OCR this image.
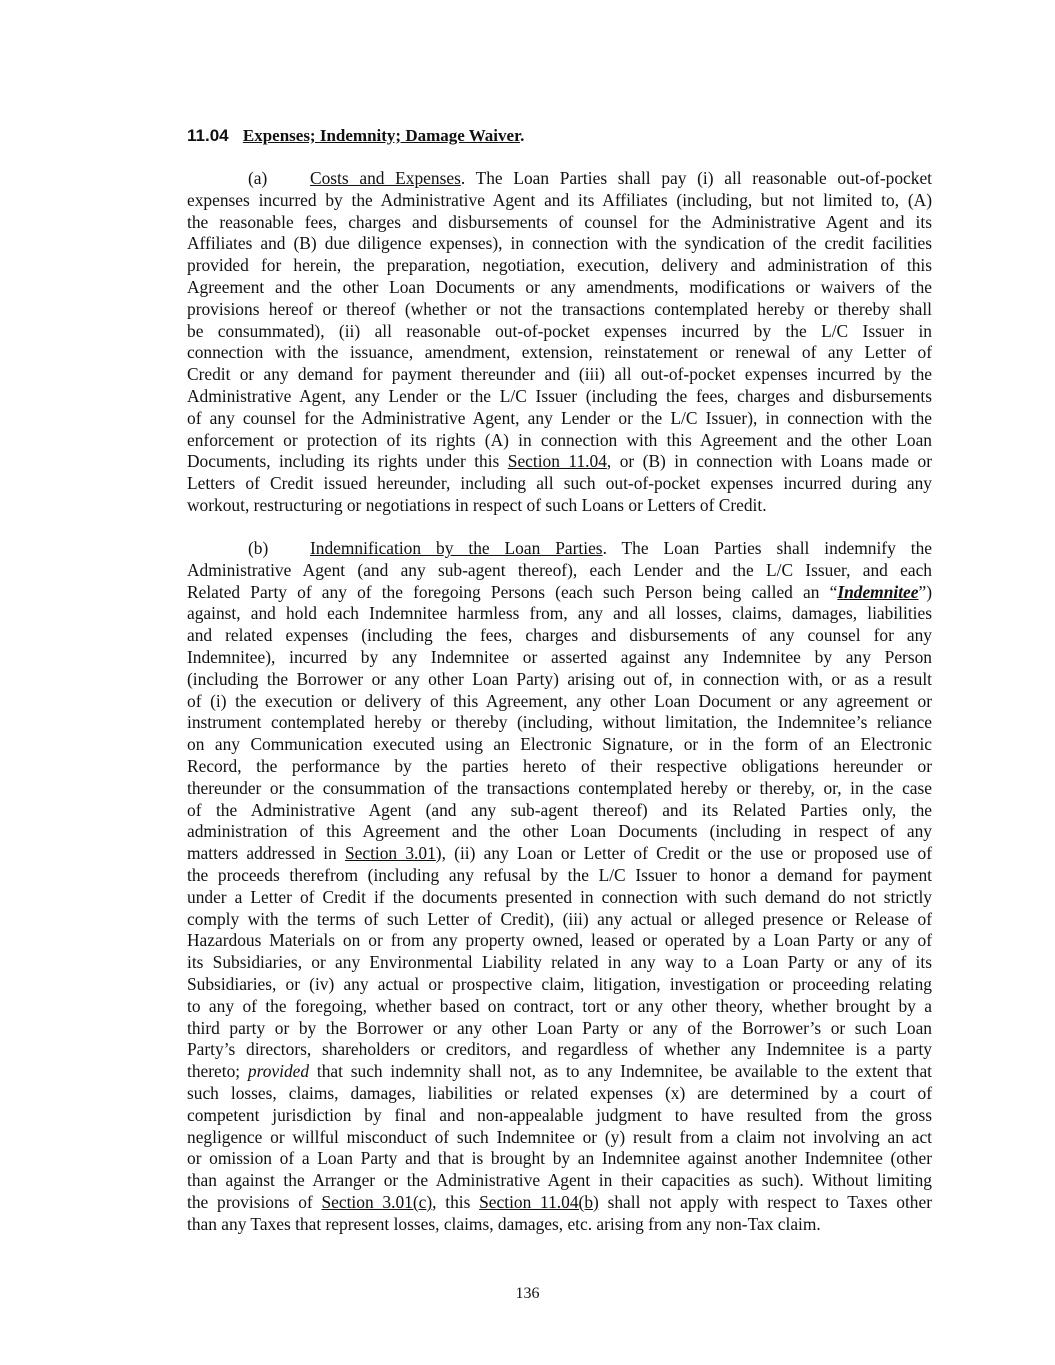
11.04 Expenses; Indemnity; Damage Waiver.
(a) Costs and Expenses. The Loan Parties shall pay (i) all reasonable out-of-pocket
expenses incurred by the Administrative Agent and its Affiliates (including, but not limited to, (A)
the reasonable fees, charges and disbursements of counsel for the Administrative Agent and its
Affiliates and (B) due diligence expenses), in connection with the syndication of the credit facilities
provided for herein, the preparation, negotiation, execution, delivery and administration of this
Agreement and the other Loan Documents or any amendments, modifications or waivers of the
provisions hereof or thereof (whether or not the transactions contemplated hereby or thereby shall
be consummated), (ii) all reasonable out-of-pocket expenses incurred by the L/C Issuer in
connection with the issuance, amendment, extension, reinstatement or renewal of any Letter of
Credit or any demand for payment thereunder and (iii) all out-of-pocket expenses incurred by the
Administrative Agent, any Lender or the L/C Issuer (including the fees, charges and disbursements
of any counsel for the Administrative Agent, any Lender or the L/C Issuer), in connection with the
enforcement or protection of its rights (A) in connection with this Agreement and the other Loan
Documents, including its rights under this Section 11.04, or (B) in connection with Loans made or
Letters of Credit issued hereunder, including all such out-of-pocket expenses incurred during any
workout, restructuring or negotiations in respect of such Loans or Letters of Credit.
(b) Indemnification by the Loan Parties. The Loan Parties shall indemnify the
Administrative Agent (and any sub-agent thereof), each Lender and the L/C Issuer, and each
Related Party of any of the foregoing Persons (each such Person being called an “Indemnitee”)
against, and hold each Indemnitee harmless from, any and all losses, claims, damages, liabilities
and related expenses (including the fees, charges and disbursements of any counsel for any
Indemnitee), incurred by any Indemnitee or asserted against any Indemnitee by any Person
(including the Borrower or any other Loan Party) arising out of, in connection with, or as a result
of (i) the execution or delivery of this Agreement, any other Loan Document or any agreement or
instrument contemplated hereby or thereby (including, without limitation, the Indemnitee’s reliance
on any Communication executed using an Electronic Signature, or in the form of an Electronic
Record, the performance by the parties hereto of their respective obligations hereunder or
thereunder or the consummation of the transactions contemplated hereby or thereby, or, in the case
of the Administrative Agent (and any sub-agent thereof) and its Related Parties only, the
administration of this Agreement and the other Loan Documents (including in respect of any
matters addressed in Section 3.01), (ii) any Loan or Letter of Credit or the use or proposed use of
the proceeds therefrom (including any refusal by the L/C Issuer to honor a demand for payment
under a Letter of Credit if the documents presented in connection with such demand do not strictly
comply with the terms of such Letter of Credit), (iii) any actual or alleged presence or Release of
Hazardous Materials on or from any property owned, leased or operated by a Loan Party or any of
its Subsidiaries, or any Environmental Liability related in any way to a Loan Party or any of its
Subsidiaries, or (iv) any actual or prospective claim, litigation, investigation or proceeding relating
to any of the foregoing, whether based on contract, tort or any other theory, whether brought by a
third party or by the Borrower or any other Loan Party or any of the Borrower’s or such Loan
Party’s directors, shareholders or creditors, and regardless of whether any Indemnitee is a party
thereto; provided that such indemnity shall not, as to any Indemnitee, be available to the extent that
such losses, claims, damages, liabilities or related expenses (x) are determined by a court of
competent jurisdiction by final and non-appealable judgment to have resulted from the gross
negligence or willful misconduct of such Indemnitee or (y) result from a claim not involving an act
or omission of a Loan Party and that is brought by an Indemnitee against another Indemnitee (other
than against the Arranger or the Administrative Agent in their capacities as such). Without limiting
the provisions of Section 3.01(c), this Section 11.04(b) shall not apply with respect to Taxes other
than any Taxes that represent losses, claims, damages, etc. arising from any non-Tax claim.
136
